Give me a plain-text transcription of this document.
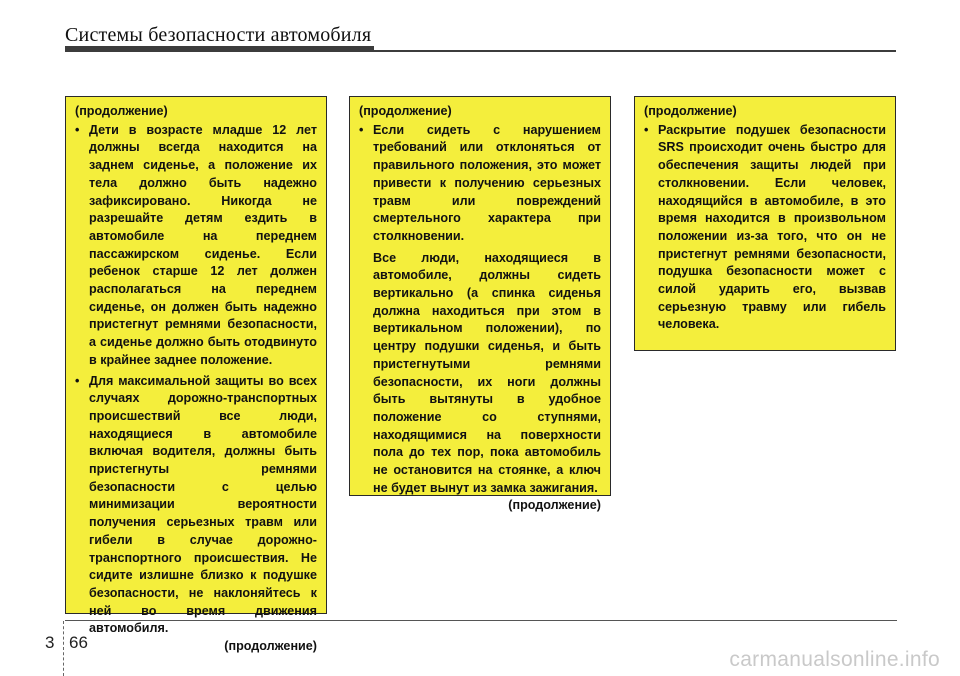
Системы безопасности автомобиля
(продолжение)
• Дети в возрасте младше 12 лет должны всегда находится на заднем сиденье, а положение их тела должно быть надежно зафиксировано. Никогда не разрешайте детям ездить в автомобиле на переднем пассажирском сиденье. Если ребенок старше 12 лет должен располагаться на переднем сиденье, он должен быть надежно пристегнут ремнями безопасности, а сиденье должно быть отодвинуто в крайнее заднее положение.
• Для максимальной защиты во всех случаях дорожно-транспортных происшествий все люди, находящиеся в автомобиле включая водителя, должны быть пристегнуты ремнями безопасности с целью минимизации вероятности получения серьезных травм или гибели в случае дорожно-транспортного происшествия. Не сидите излишне близко к подушке безопасности, не наклоняйтесь к ней во время движения автомобиля.
(продолжение)
(продолжение)
• Если сидеть с нарушением требований или отклоняться от правильного положения, это может привести к получению серьезных травм или повреждений смертельного характера при столкновении.
Все люди, находящиеся в автомобиле, должны сидеть вертикально (а спинка сиденья должна находиться при этом в вертикальном положении), по центру подушки сиденья, и быть пристегнутыми ремнями безопасности, их ноги должны быть вытянуты в удобное положение со ступнями, находящимися на поверхности пола до тех пор, пока автомобиль не остановится на стоянке, а ключ не будет вынут из замка зажигания.
(продолжение)
(продолжение)
• Раскрытие подушек безопасности SRS происходит очень быстро для обеспечения защиты людей при столкновении. Если человек, находящийся в автомобиле, в это время находится в произвольном положении из-за того, что он не пристегнут ремнями безопасности, подушка безопасности может с силой ударить его, вызвав серьезную травму или гибель человека.
3 66
carmanualsonline.info
